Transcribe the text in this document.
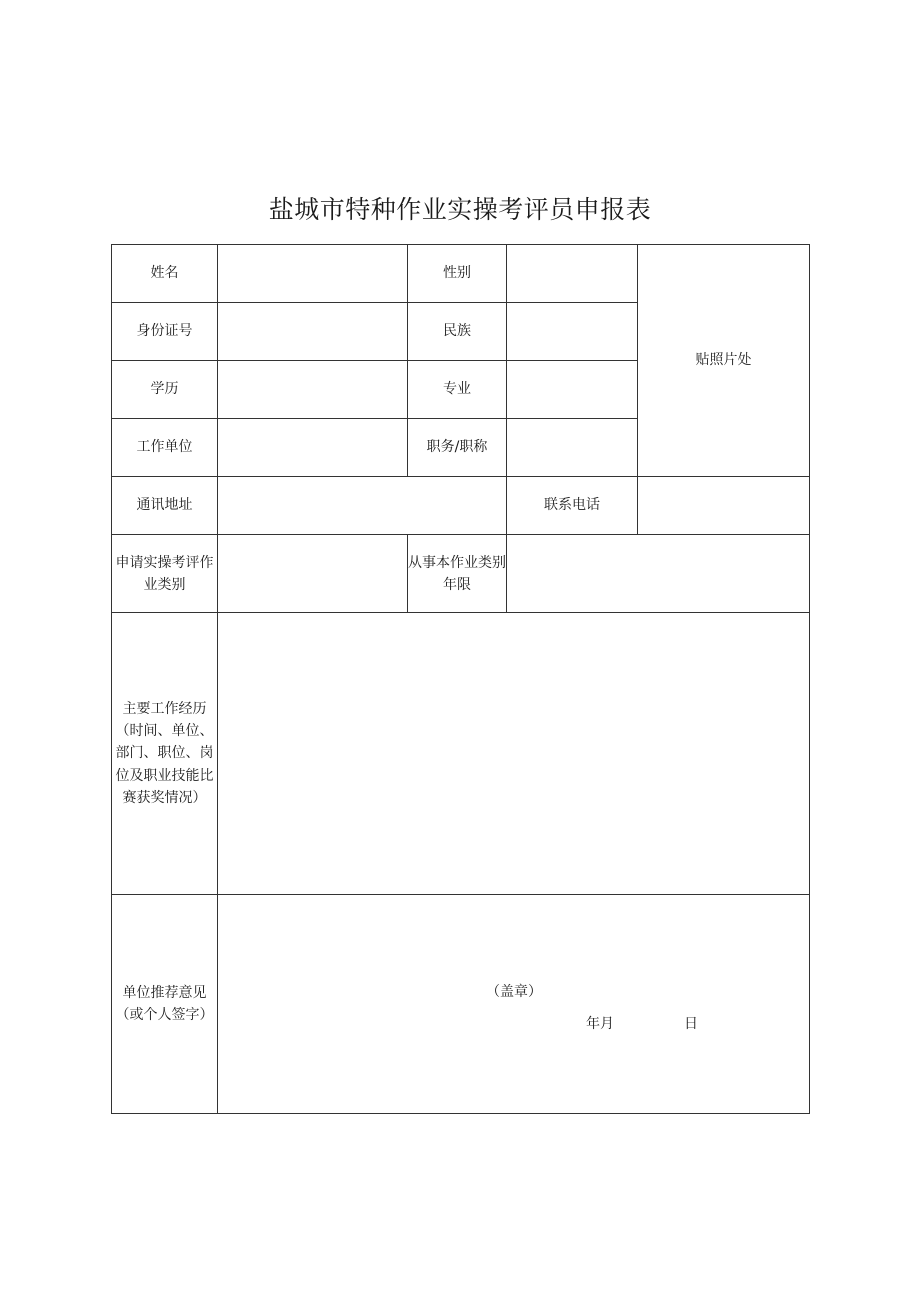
盐城市特种作业实操考评员申报表
姓名		性别		贴照片处
身份证号		民族		
学历		专业		
工作单位		职务/职称		
通讯地址			联系电话	
申请实操考评作业类别		从事本作业类别年限		
主要工作经历（时间、单位、部门、职位、岗位及职业技能比赛获奖情况）				
单位推荐意见（或个人签字）	（盖章）
年月 日			
